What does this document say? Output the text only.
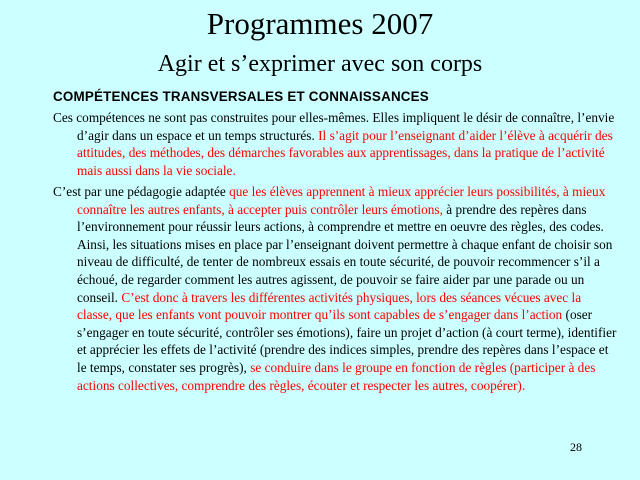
Programmes 2007
Agir et s’exprimer avec son corps
COMPÉTENCES TRANSVERSALES ET CONNAISSANCES

Ces compétences ne sont pas construites pour elles-mêmes. Elles impliquent le désir de connaître, l’envie d’agir dans un espace et un temps structurés. Il s’agit pour l’enseignant d’aider l’élève à acquérir des attitudes, des méthodes, des démarches favorables aux apprentissages, dans la pratique de l’activité mais aussi dans la vie sociale.

C’est par une pédagogie adaptée que les élèves apprennent à mieux apprécier leurs possibilités, à mieux connaître les autres enfants, à accepter puis contrôler leurs émotions, à prendre des repères dans l’environnement pour réussir leurs actions, à comprendre et mettre en oeuvre des règles, des codes. Ainsi, les situations mises en place par l’enseignant doivent permettre à chaque enfant de choisir son niveau de difficulté, de tenter de nombreux essais en toute sécurité, de pouvoir recommencer s’il a échoué, de regarder comment les autres agissent, de pouvoir se faire aider par une parade ou un conseil. C’est donc à travers les différentes activités physiques, lors des séances vécues avec la classe, que les enfants vont pouvoir montrer qu’ils sont capables de s’engager dans l’action (oser s’engager en toute sécurité, contrôler ses émotions), faire un projet d’action (à court terme), identifier et apprécier les effets de l’activité (prendre des indices simples, prendre des repères dans l’espace et le temps, constater ses progrès), se conduire dans le groupe en fonction de règles (participer à des actions collectives, comprendre des règles, écouter et respecter les autres, coopérer).

28
